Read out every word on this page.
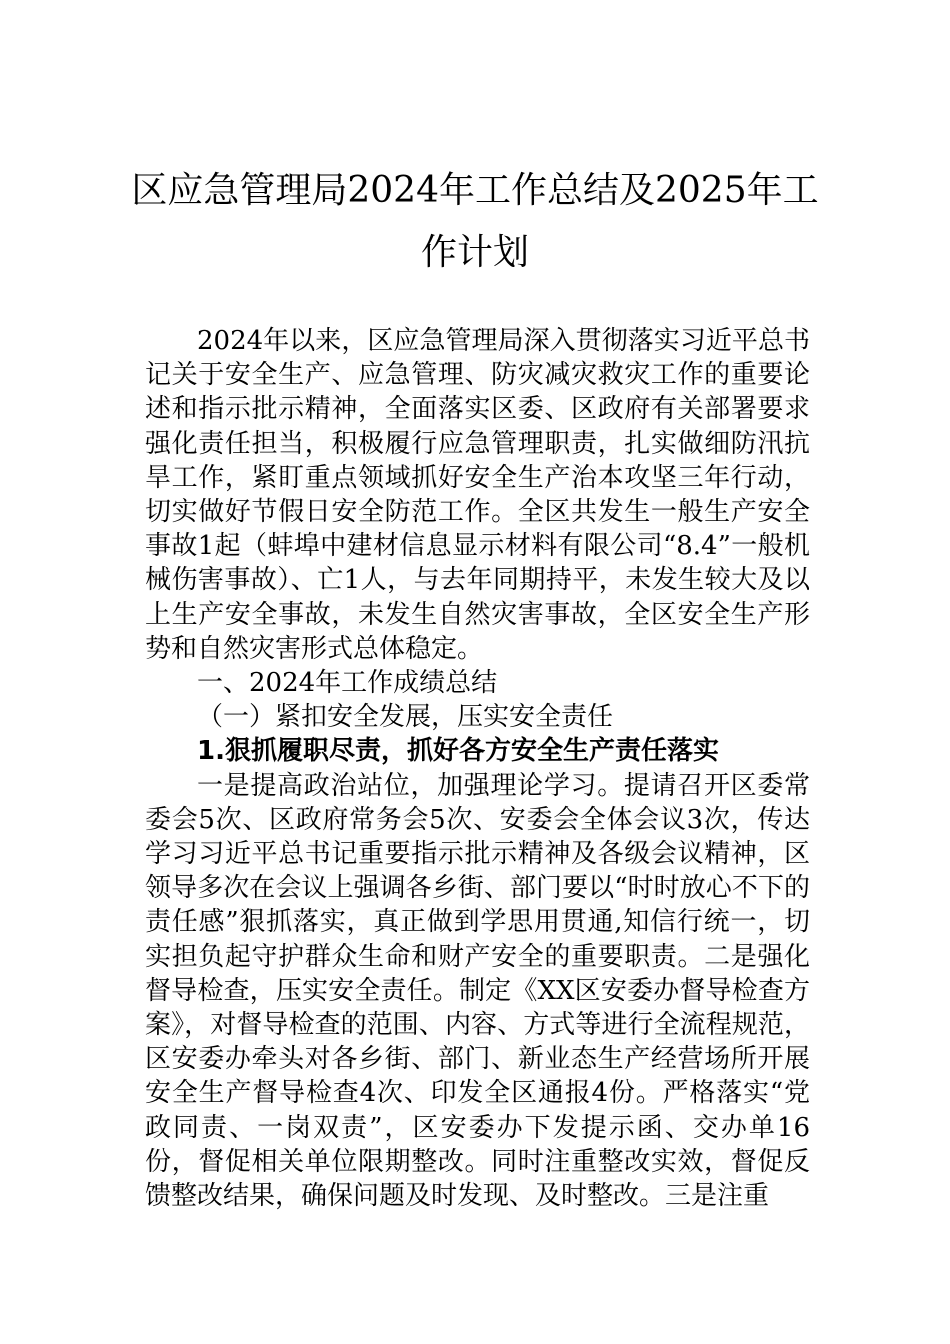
区应急管理局2024年工作总结及2025年工
作计划

2024年以来，区应急管理局深入贯彻落实习近平总书记关于安全生产、应急管理、防灾减灾救灾工作的重要论述和指示批示精神，全面落实区委、区政府有关部署要求强化责任担当，积极履行应急管理职责，扎实做细防汛抗旱工作，紧盯重点领域抓好安全生产治本攻坚三年行动，切实做好节假日安全防范工作。全区共发生一般生产安全事故1起（蚌埠中建材信息显示材料有限公司“8.4”一般机械伤害事故）、亡1人，与去年同期持平，未发生较大及以上生产安全事故，未发生自然灾害事故，全区安全生产形势和自然灾害形式总体稳定。

一、2024年工作成绩总结

（一）紧扣安全发展，压实安全责任

1.狠抓履职尽责，抓好各方安全生产责任落实

一是提高政治站位，加强理论学习。提请召开区委常委会5次、区政府常务会5次、安委会全体会议3次，传达学习习近平总书记重要指示批示精神及各级会议精神，区领导多次在会议上强调各乡街、部门要以“时时放心不下的责任感”狠抓落实，真正做到学思用贯通,知信行统一，切实担负起守护群众生命和财产安全的重要职责。二是强化督导检查，压实安全责任。制定《XX区安委办督导检查方案》，对督导检查的范围、内容、方式等进行全流程规范，区安委办牵头对各乡街、部门、新业态生产经营场所开展安全生产督导检查4次、印发全区通报4份。严格落实“党政同责、一岗双责”，区安委办下发提示函、交办单16份，督促相关单位限期整改。同时注重整改实效，督促反馈整改结果，确保问题及时发现、及时整改。三是注重
